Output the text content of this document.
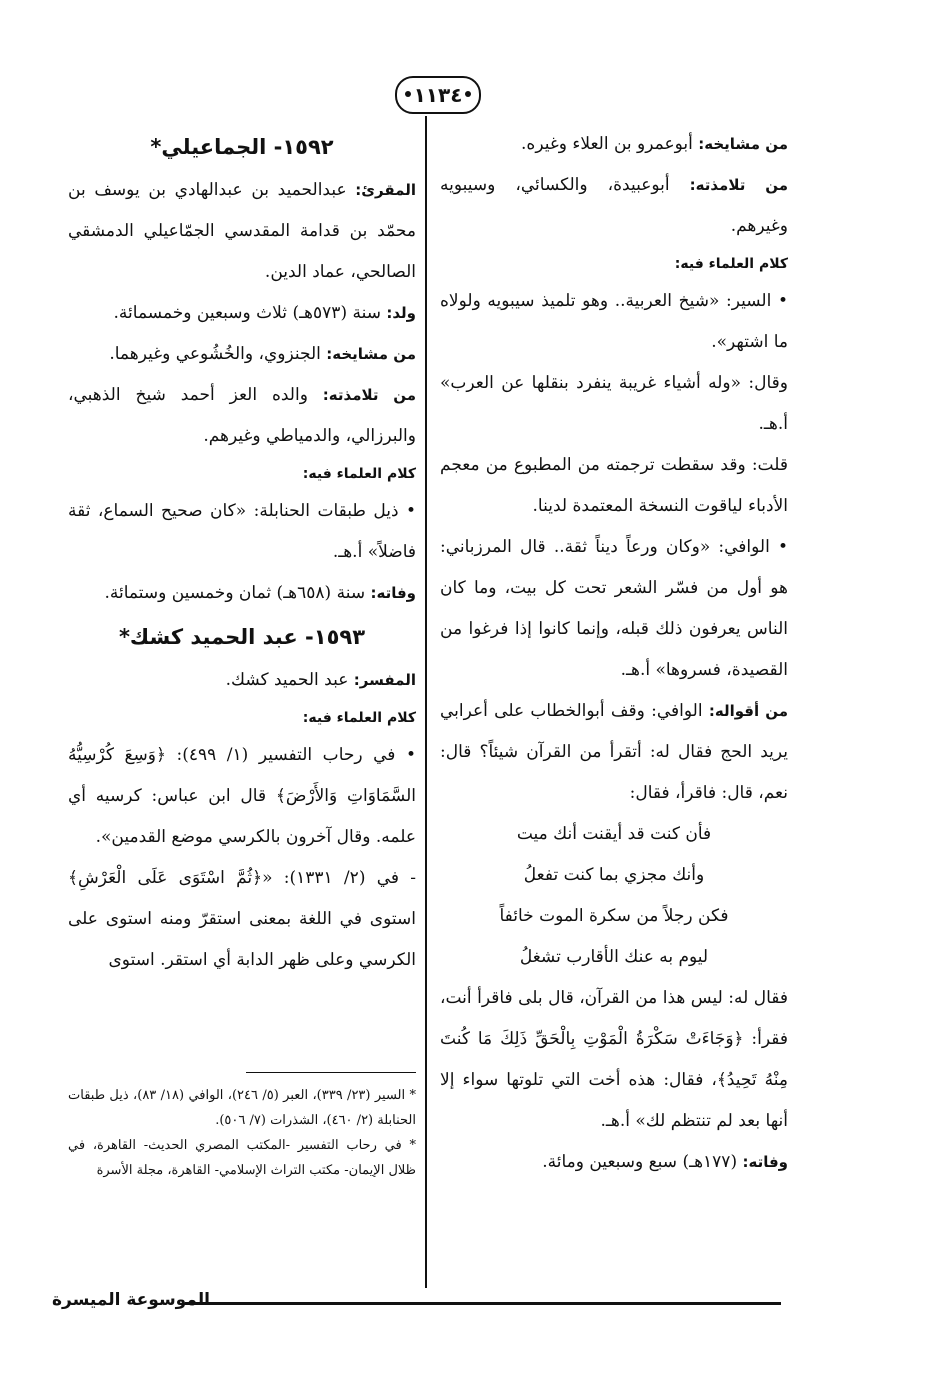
١١٣٤

من مشايخه: أبوعمرو بن العلاء وغيره.

من تلامذته: أبوعبيدة، والكسائي، وسيبويه وغيرهم.

كلام العلماء فيه:

• السير: «شيخ العربية.. وهو تلميذ سيبويه ولولاه ما اشتهر».

وقال: «وله أشياء غريبة ينفرد بنقلها عن العرب» أ.هـ.

قلت: وقد سقطت ترجمته من المطبوع من معجم الأدباء لياقوت النسخة المعتمدة لدينا.

• الوافي: «وكان ورعاً ديناً ثقة.. قال المرزباني: هو أول من فسّر الشعر تحت كل بيت، وما كان الناس يعرفون ذلك قبله، وإنما كانوا إذا فرغوا من القصيدة، فسروها» أ.هـ.

من أقواله: الوافي: وقف أبوالخطاب على أعرابي يريد الحج فقال له: أتقرأ من القرآن شيئاً؟ قال: نعم، قال: فاقرأ، فقال:

فأن كنت قد أيقنت أنك ميت

وأنك مجزي بما كنت تفعلُ

فكن رجلاً من سكرة الموت خائفاً

ليوم به عنك الأقارب تشغلُ

فقال له: ليس هذا من القرآن، قال بلى فاقرأ أنت، فقرأ: ﴿وَجَاءَتْ سَكْرَةُ الْمَوْتِ بِالْحَقِّ ذَلِكَ مَا كُنتَ مِنْهُ تَحِيدُ﴾، فقال: هذه أخت التي تلوتها سواء إلا أنها بعد لم تنتظم لك» أ.هـ.

وفاته: (١٧٧هـ) سبع وسبعين ومائة.

١٥٩٢- الجماعيلي*

المقرئ: عبدالحميد بن عبدالهادي بن يوسف بن محمّد بن قدامة المقدسي الجمّاعيلي الدمشقي الصالحي، عماد الدين.

ولد: سنة (٥٧٣هـ) ثلاث وسبعين وخمسمائة.

من مشايخه: الجنزوي، والخُشُوعي وغيرهما.

من تلامذته: والده العز أحمد شيخ الذهبي، والبرزالي، والدمياطي وغيرهم.

كلام العلماء فيه:

• ذيل طبقات الحنابلة: «كان صحيح السماع، ثقة فاضلاً» أ.هـ.

وفاته: سنة (٦٥٨هـ) ثمان وخمسين وستمائة.

١٥٩٣- عبد الحميد كشك*

المفسر: عبد الحميد كشك.

كلام العلماء فيه:

• في رحاب التفسير (١/ ٤٩٩): ﴿وَسِعَ كُرْسِيُّهُ السَّمَاوَاتِ وَالأَرْضَ﴾ قال ابن عباس: كرسيه أي علمه. وقال آخرون بالكرسي موضع القدمين».

- في (٢/ ١٣٣١): «﴿ثُمَّ اسْتَوَى عَلَى الْعَرْشِ﴾ استوى في اللغة بمعنى استقرّ ومنه استوى على الكرسي وعلى ظهر الدابة أي استقر. استوى

* السير (٢٣/ ٣٣٩)، العبر (٥/ ٢٤٦)، الوافي (١٨/ ٨٣)، ذيل طبقات الحنابلة (٢/ ٤٦٠)، الشذرات (٧/ ٥٠٦).

* في رحاب التفسير -المكتب المصري الحديث- القاهرة، في ظلال الإيمان- مكتب التراث الإسلامي- القاهرة، مجلة الأسرة

الموسوعة الميسرة
